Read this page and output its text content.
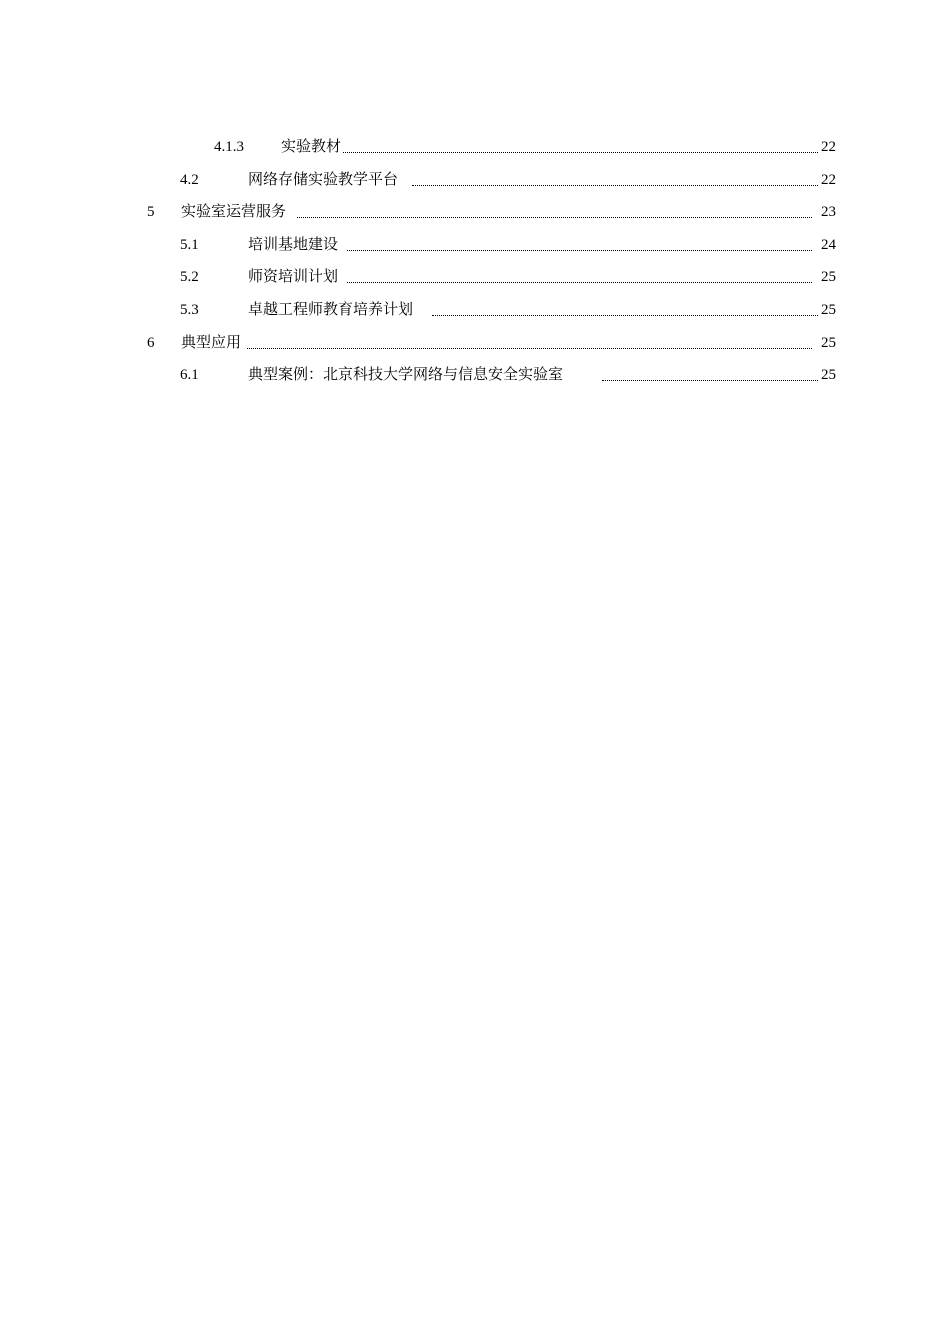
4.1.3 实验教材	22
4.2	网络存储实验教学平台	22
5 实验室运营服务	23
5.1	培训基地建设	24
5.2	师资培训计划	25
5.3	卓越工程师教育培养计划	25
6 典型应用	25
6.1	典型案例：北京科技大学网络与信息安全实验室	25
